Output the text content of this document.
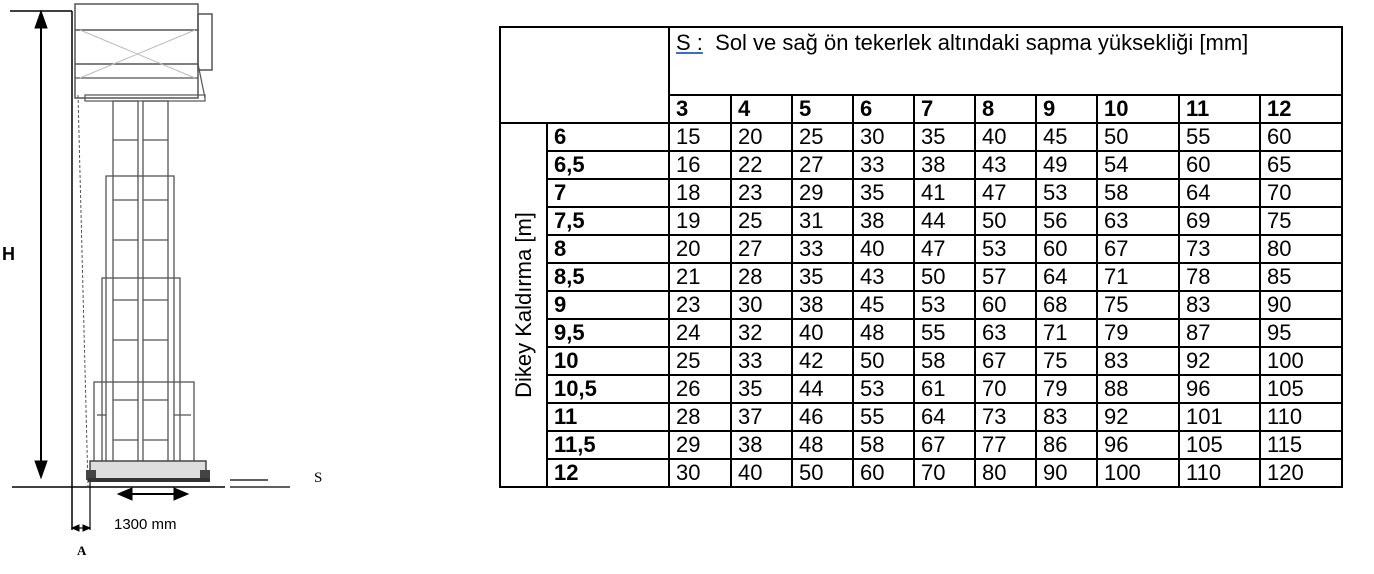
H
S
1300 mm
A
		S : Sol ve sağ ön tekerlek altındaki sapma yüksekliği [mm]									
		3	4	5	6	7	8	9	10	11	12

Dikey Kaldırma [m]	6	15	20	25	30	35	40	45	50	55	60
	6,5	16	22	27	33	38	43	49	54	60	65
	7	18	23	29	35	41	47	53	58	64	70
	7,5	19	25	31	38	44	50	56	63	69	75
	8	20	27	33	40	47	53	60	67	73	80
	8,5	21	28	35	43	50	57	64	71	78	85
	9	23	30	38	45	53	60	68	75	83	90
	9,5	24	32	40	48	55	63	71	79	87	95
	10	25	33	42	50	58	67	75	83	92	100
	10,5	26	35	44	53	61	70	79	88	96	105
	11	28	37	46	55	64	73	83	92	101	110
	11,5	29	38	48	58	67	77	86	96	105	115
	12	30	40	50	60	70	80	90	100	110	120
